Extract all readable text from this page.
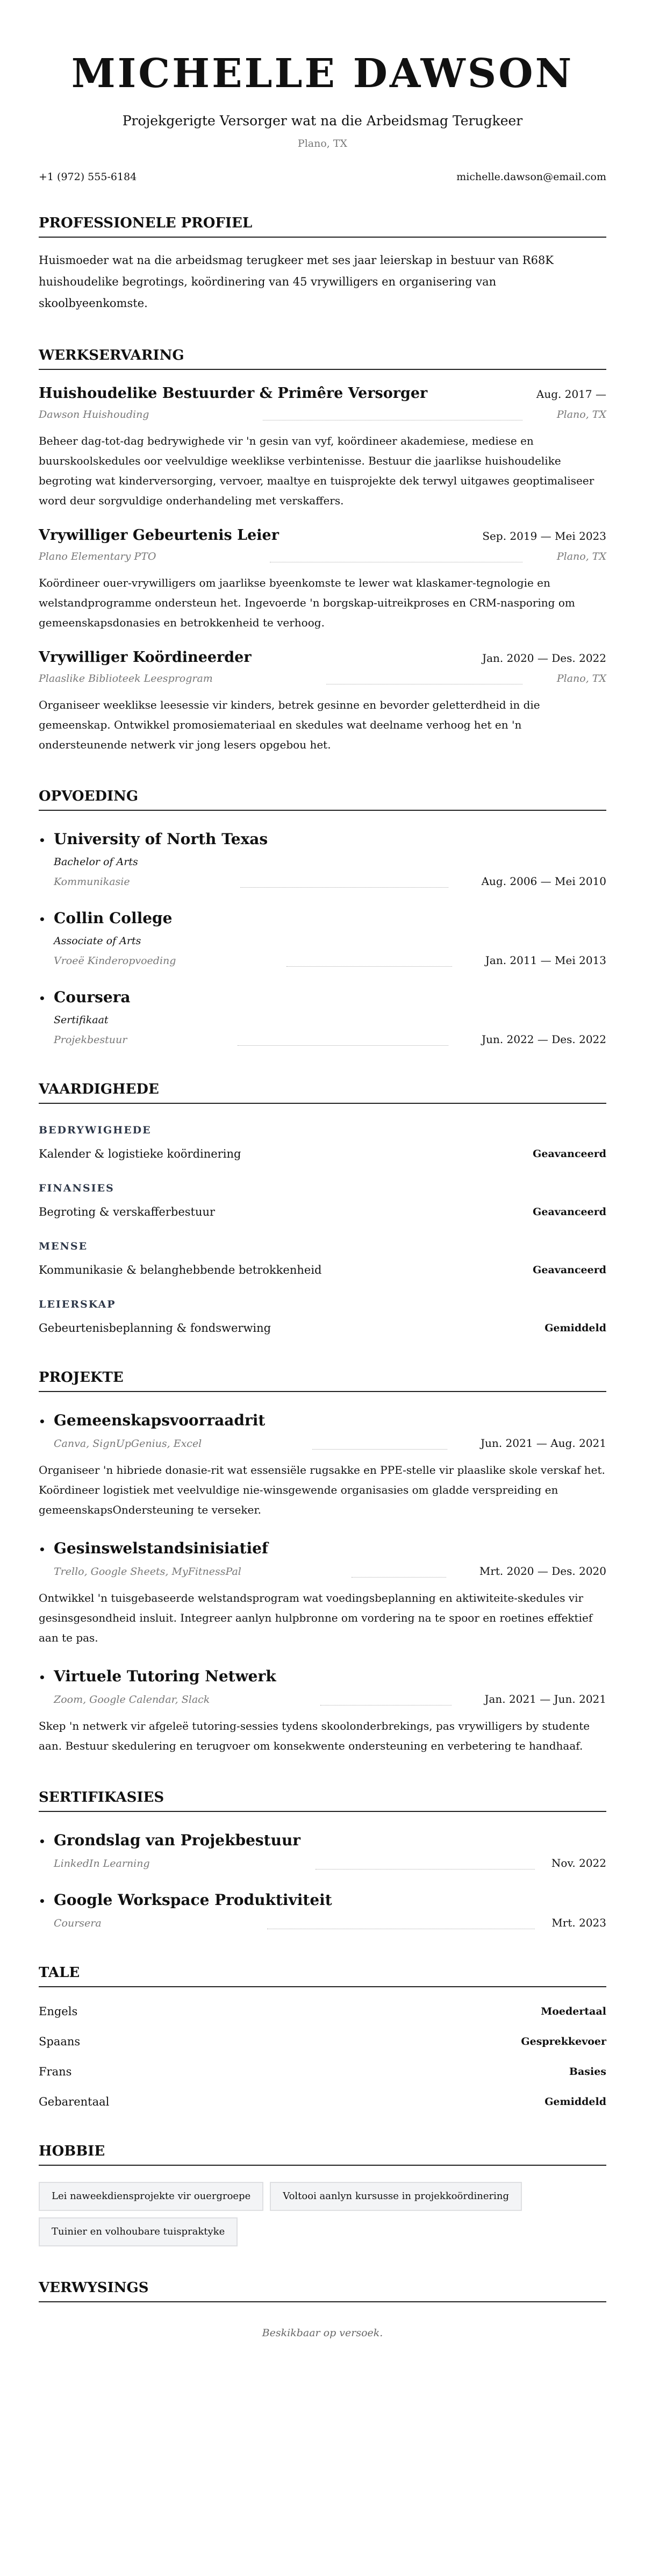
MICHELLE DAWSON
Projekgerigte Versorger wat na die Arbeidsmag Terugkeer
Plano, TX
+1 (972) 555-6184	michelle.dawson@email.com
PROFESSIONELE PROFIEL

Huismoeder wat na die arbeidsmag terugkeer met ses jaar leierskap in bestuur van R68K huishoudelike begrotings, koördinering van 45 vrywilligers en organisering van skoolbyeenkomste.

WERKSERVARING
Huishoudelike Bestuurder & Primêre Versorger	Aug. 2017 —
Dawson Huishouding	Plano, TX

Beheer dag-tot-dag bedrywighede vir 'n gesin van vyf, koördineer akademiese, mediese en buurskoolskedules oor veelvuldige weeklikse verbintenisse. Bestuur die jaarlikse huishoudelike begroting wat kinderversorging, vervoer, maaltye en tuisprojekte dek terwyl uitgawes geoptimaliseer word deur sorgvuldige onderhandeling met verskaffers.

Vrywilliger Gebeurtenis Leier	Sep. 2019 — Mei 2023
Plano Elementary PTO	Plano, TX

Koördineer ouer-vrywilligers om jaarlikse byeenkomste te lewer wat klaskamer-tegnologie en welstandprogramme ondersteun het. Ingevoerde 'n borgskap-uitreikproses en CRM-nasporing om gemeenskapsdonasies en betrokkenheid te verhoog.

Vrywilliger Koördineerder	Jan. 2020 — Des. 2022
Plaaslike Biblioteek Leesprogram	Plano, TX

Organiseer weeklikse leesessie vir kinders, betrek gesinne en bevorder geletterdheid in die gemeenskap. Ontwikkel promosiemateriaal en skedules wat deelname verhoog het en 'n ondersteunende netwerk vir jong lesers opgebou het.

OPVOEDING
• University of North Texas
Bachelor of Arts
Kommunikasie	Aug. 2006 — Mei 2010
• Collin College
Associate of Arts
Vroeë Kinderopvoeding	Jan. 2011 — Mei 2013
• Coursera
Sertifikaat
Projekbestuur	Jun. 2022 — Des. 2022
VAARDIGHEDE
BEDRYWIGHEDE
Kalender & logistieke koördinering	Geavanceerd
FINANSIES
Begroting & verskafferbestuur	Geavanceerd
MENSE
Kommunikasie & belanghebbende betrokkenheid	Geavanceerd
LEIERSKAP
Gebeurtenisbeplanning & fondswerwing	Gemiddeld
PROJEKTE
• Gemeenskapsvoorraadrit
Canva, SignUpGenius, Excel	Jun. 2021 — Aug. 2021

Organiseer 'n hibriede donasie-rit wat essensiële rugsakke en PPE-stelle vir plaaslike skole verskaf het. Koördineer logistiek met veelvuldige nie-winsgewende organisasies om gladde verspreiding en gemeenskapsOndersteuning te verseker.

• Gesinswelstandsinisiatief
Trello, Google Sheets, MyFitnessPal	Mrt. 2020 — Des. 2020

Ontwikkel 'n tuisgebaseerde welstandsprogram wat voedingsbeplanning en aktiwiteite-skedules vir gesinsgesondheid insluit. Integreer aanlyn hulpbronne om vordering na te spoor en roetines effektief aan te pas.

• Virtuele Tutoring Netwerk
Zoom, Google Calendar, Slack	Jan. 2021 — Jun. 2021

Skep 'n netwerk vir afgeleë tutoring-sessies tydens skoolonderbrekings, pas vrywilligers by studente aan. Bestuur skedulering en terugvoer om konsekwente ondersteuning en verbetering te handhaaf.

SERTIFIKASIES
• Grondslag van Projekbestuur
LinkedIn Learning	Nov. 2022
• Google Workspace Produktiviteit
Coursera	Mrt. 2023
TALE
Engels	Moedertaal
Spaans	Gesprekkevoer
Frans	Basies
Gebarentaal	Gemiddeld
HOBBIE
Lei naweekdiensprojekte vir ouergroepe	Voltooi aanlyn kursusse in projekkoördinering
Tuinier en volhoubare tuispraktyke
VERWYSINGS
Beskikbaar op versoek.
